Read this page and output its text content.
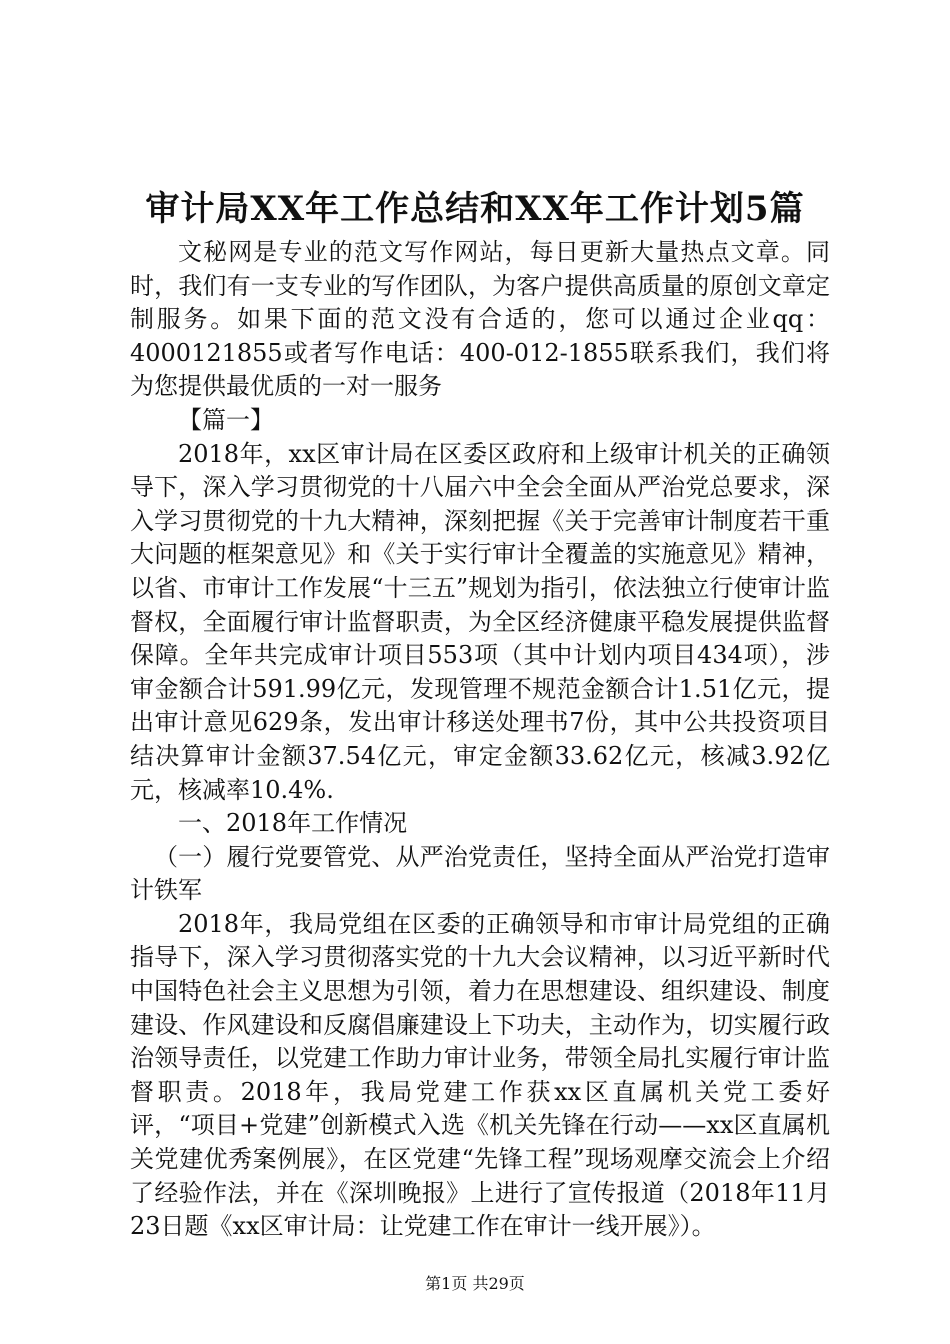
审计局XX年工作总结和XX年工作计划5篇

文秘网是专业的范文写作网站，每日更新大量热点文章。同时，我们有一支专业的写作团队，为客户提供高质量的原创文章定制服务。如果下面的范文没有合适的，您可以通过企业qq：4000121855或者写作电话：400-012-1855联系我们，我们将为您提供最优质的一对一服务

【篇一】

2018年，xx区审计局在区委区政府和上级审计机关的正确领导下，深入学习贯彻党的十八届六中全会全面从严治党总要求，深入学习贯彻党的十九大精神，深刻把握《关于完善审计制度若干重大问题的框架意见》和《关于实行审计全覆盖的实施意见》精神，以省、市审计工作发展“十三五”规划为指引，依法独立行使审计监督权，全面履行审计监督职责，为全区经济健康平稳发展提供监督保障。全年共完成审计项目553项（其中计划内项目434项），涉审金额合计591.99亿元，发现管理不规范金额合计1.51亿元，提出审计意见629条，发出审计移送处理书7份，其中公共投资项目结决算审计金额37.54亿元，审定金额33.62亿元，核减3.92亿元，核减率10.4%.

一、2018年工作情况

（一）履行党要管党、从严治党责任，坚持全面从严治党打造审计铁军

2018年，我局党组在区委的正确领导和市审计局党组的正确指导下，深入学习贯彻落实党的十九大会议精神，以习近平新时代中国特色社会主义思想为引领，着力在思想建设、组织建设、制度建设、作风建设和反腐倡廉建设上下功夫，主动作为，切实履行政治领导责任，以党建工作助力审计业务，带领全局扎实履行审计监督职责。2018年，我局党建工作获xx区直属机关党工委好评，“项目+党建”创新模式入选《机关先锋在行动——xx区直属机关党建优秀案例展》，在区党建“先锋工程”现场观摩交流会上介绍了经验作法，并在《深圳晚报》上进行了宣传报道（2018年11月23日题《xx区审计局：让党建工作在审计一线开展》）。

第1页 共29页
